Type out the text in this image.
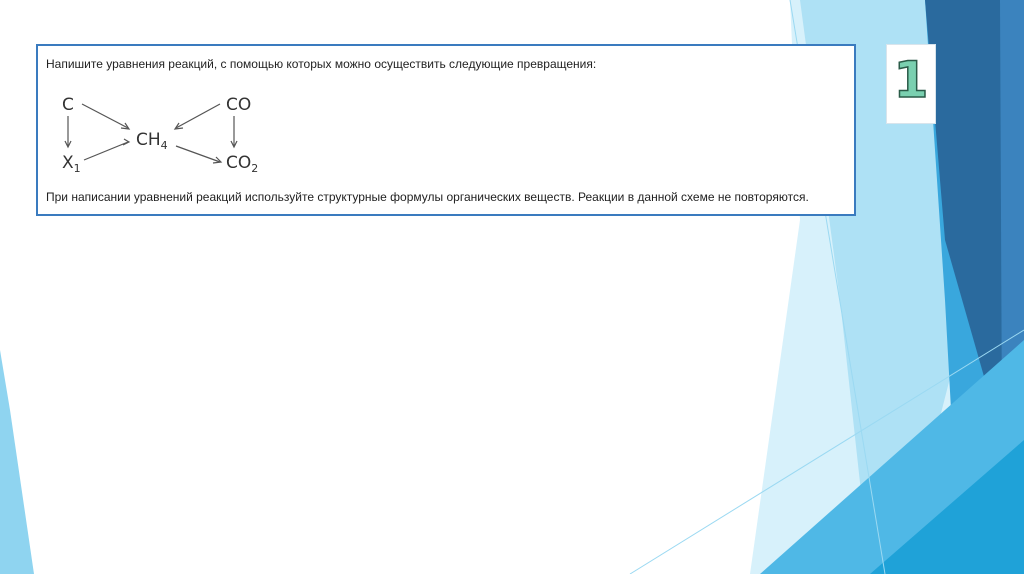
Напишите уравнения реакций, с помощью которых можно осуществить следующие превращения:
C
$X_1$
$CH_4$
CO
$CO_2$
При написании уравнений реакций используйте структурные формулы органических веществ. Реакции в данной схеме не повторяются.
1
